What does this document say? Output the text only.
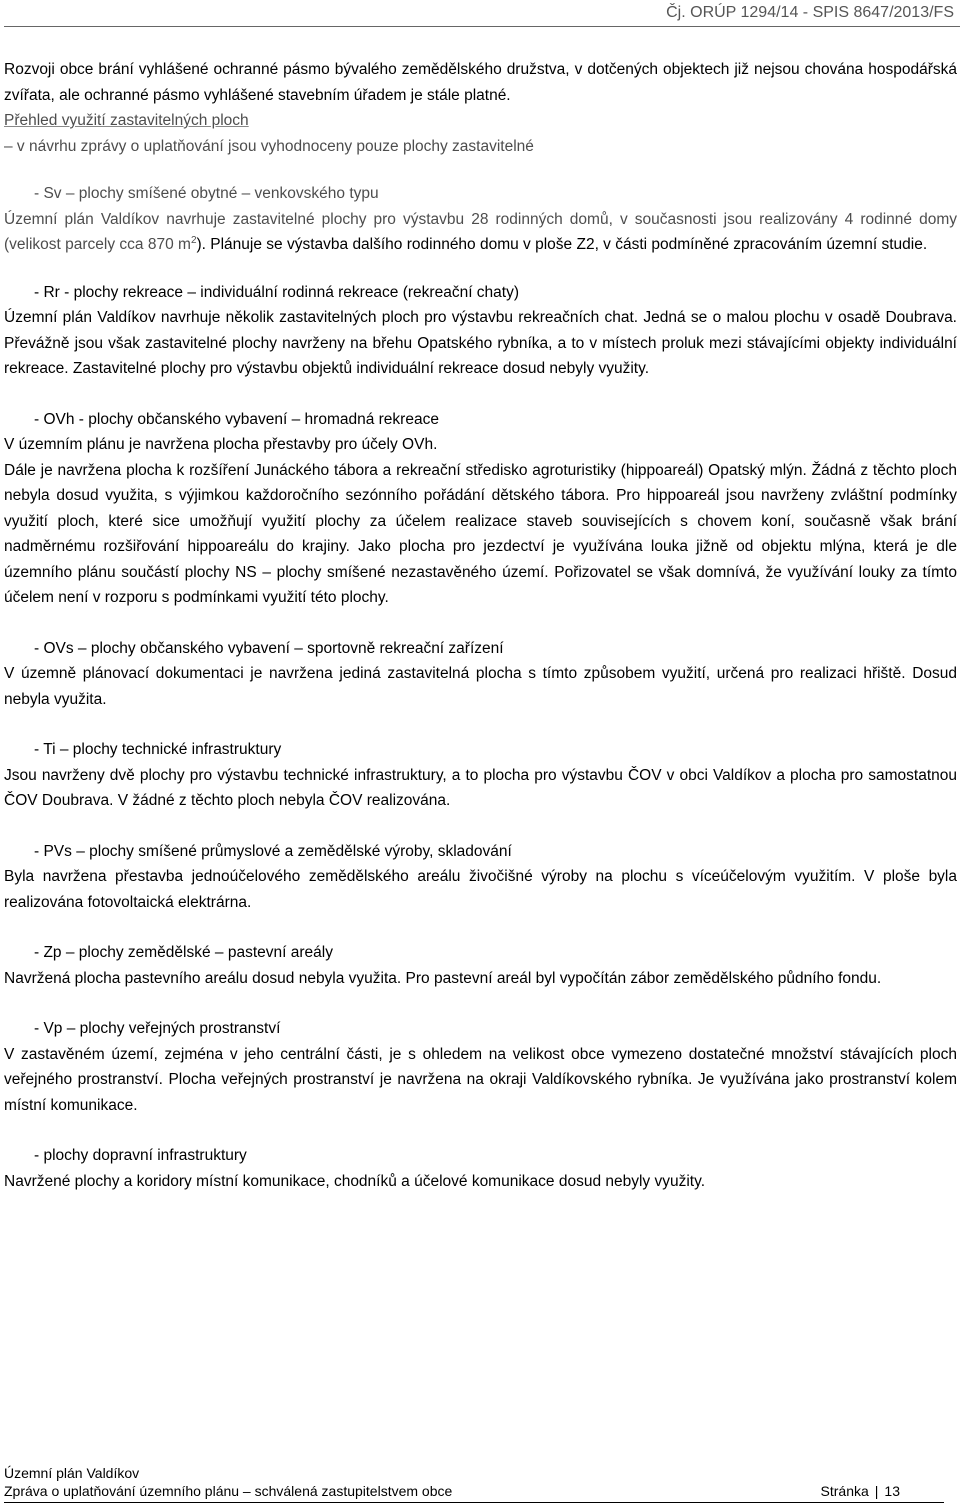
Čj. ORÚP 1294/14 - SPIS 8647/2013/FS

Rozvoji obce brání vyhlášené ochranné pásmo bývalého zemědělského družstva, v dotčených objektech již nejsou chována hospodářská zvířata, ale ochranné pásmo vyhlášené stavebním úřadem je stále platné.

Přehled využití zastavitelných ploch

– v návrhu zprávy o uplatňování jsou vyhodnoceny pouze plochy zastavitelné

- Sv – plochy smíšené obytné – venkovského typu

Územní plán Valdíkov navrhuje zastavitelné plochy pro výstavbu 28 rodinných domů, v současnosti jsou realizovány 4 rodinné domy (velikost parcely cca 870 $m^2$). Plánuje se výstavba dalšího rodinného domu v ploše Z2, v části podmíněné zpracováním územní studie.

- Rr - plochy rekreace – individuální rodinná rekreace (rekreační chaty)

Územní plán Valdíkov navrhuje několik zastavitelných ploch pro výstavbu rekreačních chat. Jedná se o malou plochu v osadě Doubrava. Převážně jsou však zastavitelné plochy navrženy na břehu Opatského rybníka, a to v místech proluk mezi stávajícími objekty individuální rekreace. Zastavitelné plochy pro výstavbu objektů individuální rekreace dosud nebyly využity.

- OVh - plochy občanského vybavení – hromadná rekreace

V územním plánu je navržena plocha přestavby pro účely OVh.

Dále je navržena plocha k rozšíření Junáckého tábora a rekreační středisko agroturistiky (hippoareál) Opatský mlýn. Žádná z těchto ploch nebyla dosud využita, s výjimkou každoročního sezónního pořádání dětského tábora. Pro hippoareál jsou navrženy zvláštní podmínky využití ploch, které sice umožňují využití plochy za účelem realizace staveb souvisejících s chovem koní, současně však brání nadměrnému rozšiřování hippoareálu do krajiny. Jako plocha pro jezdectví je využívána louka jižně od objektu mlýna, která je dle územního plánu součástí plochy NS – plochy smíšené nezastavěného území. Pořizovatel se však domnívá, že využívání louky za tímto účelem není v rozporu s podmínkami využití této plochy.

- OVs – plochy občanského vybavení – sportovně rekreační zařízení

V územně plánovací dokumentaci je navržena jediná zastavitelná plocha s tímto způsobem využití, určená pro realizaci hřiště. Dosud nebyla využita.

- Ti – plochy technické infrastruktury

Jsou navrženy dvě plochy pro výstavbu technické infrastruktury, a to plocha pro výstavbu ČOV v obci Valdíkov a plocha pro samostatnou ČOV Doubrava. V žádné z těchto ploch nebyla ČOV realizována.

- PVs – plochy smíšené průmyslové a zemědělské výroby, skladování

Byla navržena přestavba jednoúčelového zemědělského areálu živočišné výroby na plochu s víceúčelovým využitím. V ploše byla realizována fotovoltaická elektrárna.

- Zp – plochy zemědělské – pastevní areály

Navržená plocha pastevního areálu dosud nebyla využita. Pro pastevní areál byl vypočítán zábor zemědělského půdního fondu.

- Vp – plochy veřejných prostranství

V zastavěném území, zejména v jeho centrální části, je s ohledem na velikost obce vymezeno dostatečné množství stávajících ploch veřejného prostranství. Plocha veřejných prostranství je navržena na okraji Valdíkovského rybníka. Je využívána jako prostranství kolem místní komunikace.

- plochy dopravní infrastruktury

Navržené plochy a koridory místní komunikace, chodníků a účelové komunikace dosud nebyly využity.

Územní plán Valdíkov
Zpráva o uplatňování územního plánu – schválená zastupitelstvem obce	Stránka | 13
